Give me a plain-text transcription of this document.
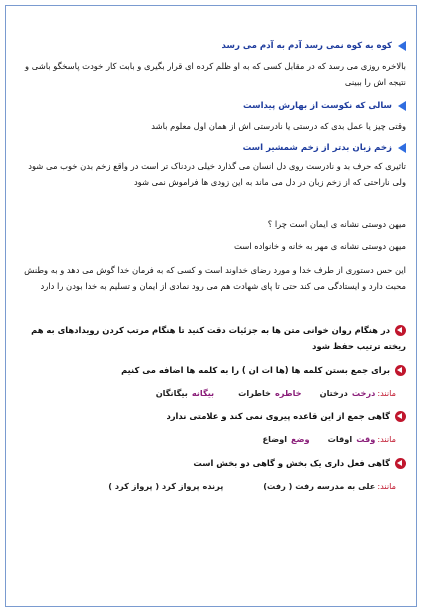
کوه به کوه نمی رسد آدم به آدم می رسد
بالاخره روزی می رسد که در مقابل کسی که به او ظلم کرده ای قرار بگیری و بابت کار خودت پاسخگو باشی و نتیجه اش را ببینی
سالی که نکوست از بهارش پیداست
وقتی چیز یا عمل بدی که درستی یا نادرستی اش از همان اول معلوم باشد
زخم زبان بدتر از زخم شمشیر است
تاثیری که حرف بد و نادرست روی دل انسان می گذارد خیلی دردناک تر است در واقع زخم بدن خوب می شود ولی ناراحتی که از زخم زبان در دل می ماند به این زودی ها فراموش نمی شود
میهن دوستی نشانه ی ایمان است چرا ؟
میهن دوستی نشانه ی مهر به خانه و خانواده است
این حس دستوری از طرف خدا و مورد رضای خداوند است و کسی که به فرمان خدا گوش می دهد و به وطنش محبت دارد و ایستادگی می کند حتی تا پای شهادت هم می رود نمادی از ایمان و تسلیم به خدا بودن را دارد
در هنگام روان خوانی متن ها به جزئیات دقت کنید تا هنگام مرتب کردن رویدادهای به هم ریخته ترتیب حفظ شود
برای جمع بستن کلمه ها (ها ات ان ) را به کلمه ها اضافه می کنیم
مانند:
درخت
درختان
خاطره
خاطرات
بیگانه
بیگانگان
گاهی جمع از این قاعده پیروی نمی کند و علامتی ندارد
مانند:
وقت
اوقات
وضع
اوضاع
گاهی فعل داری یک بخش و گاهی دو بخش است
مانند:
علی به مدرسه رفت ( رفت)
پرنده پرواز کرد ( پرواز کرد )
